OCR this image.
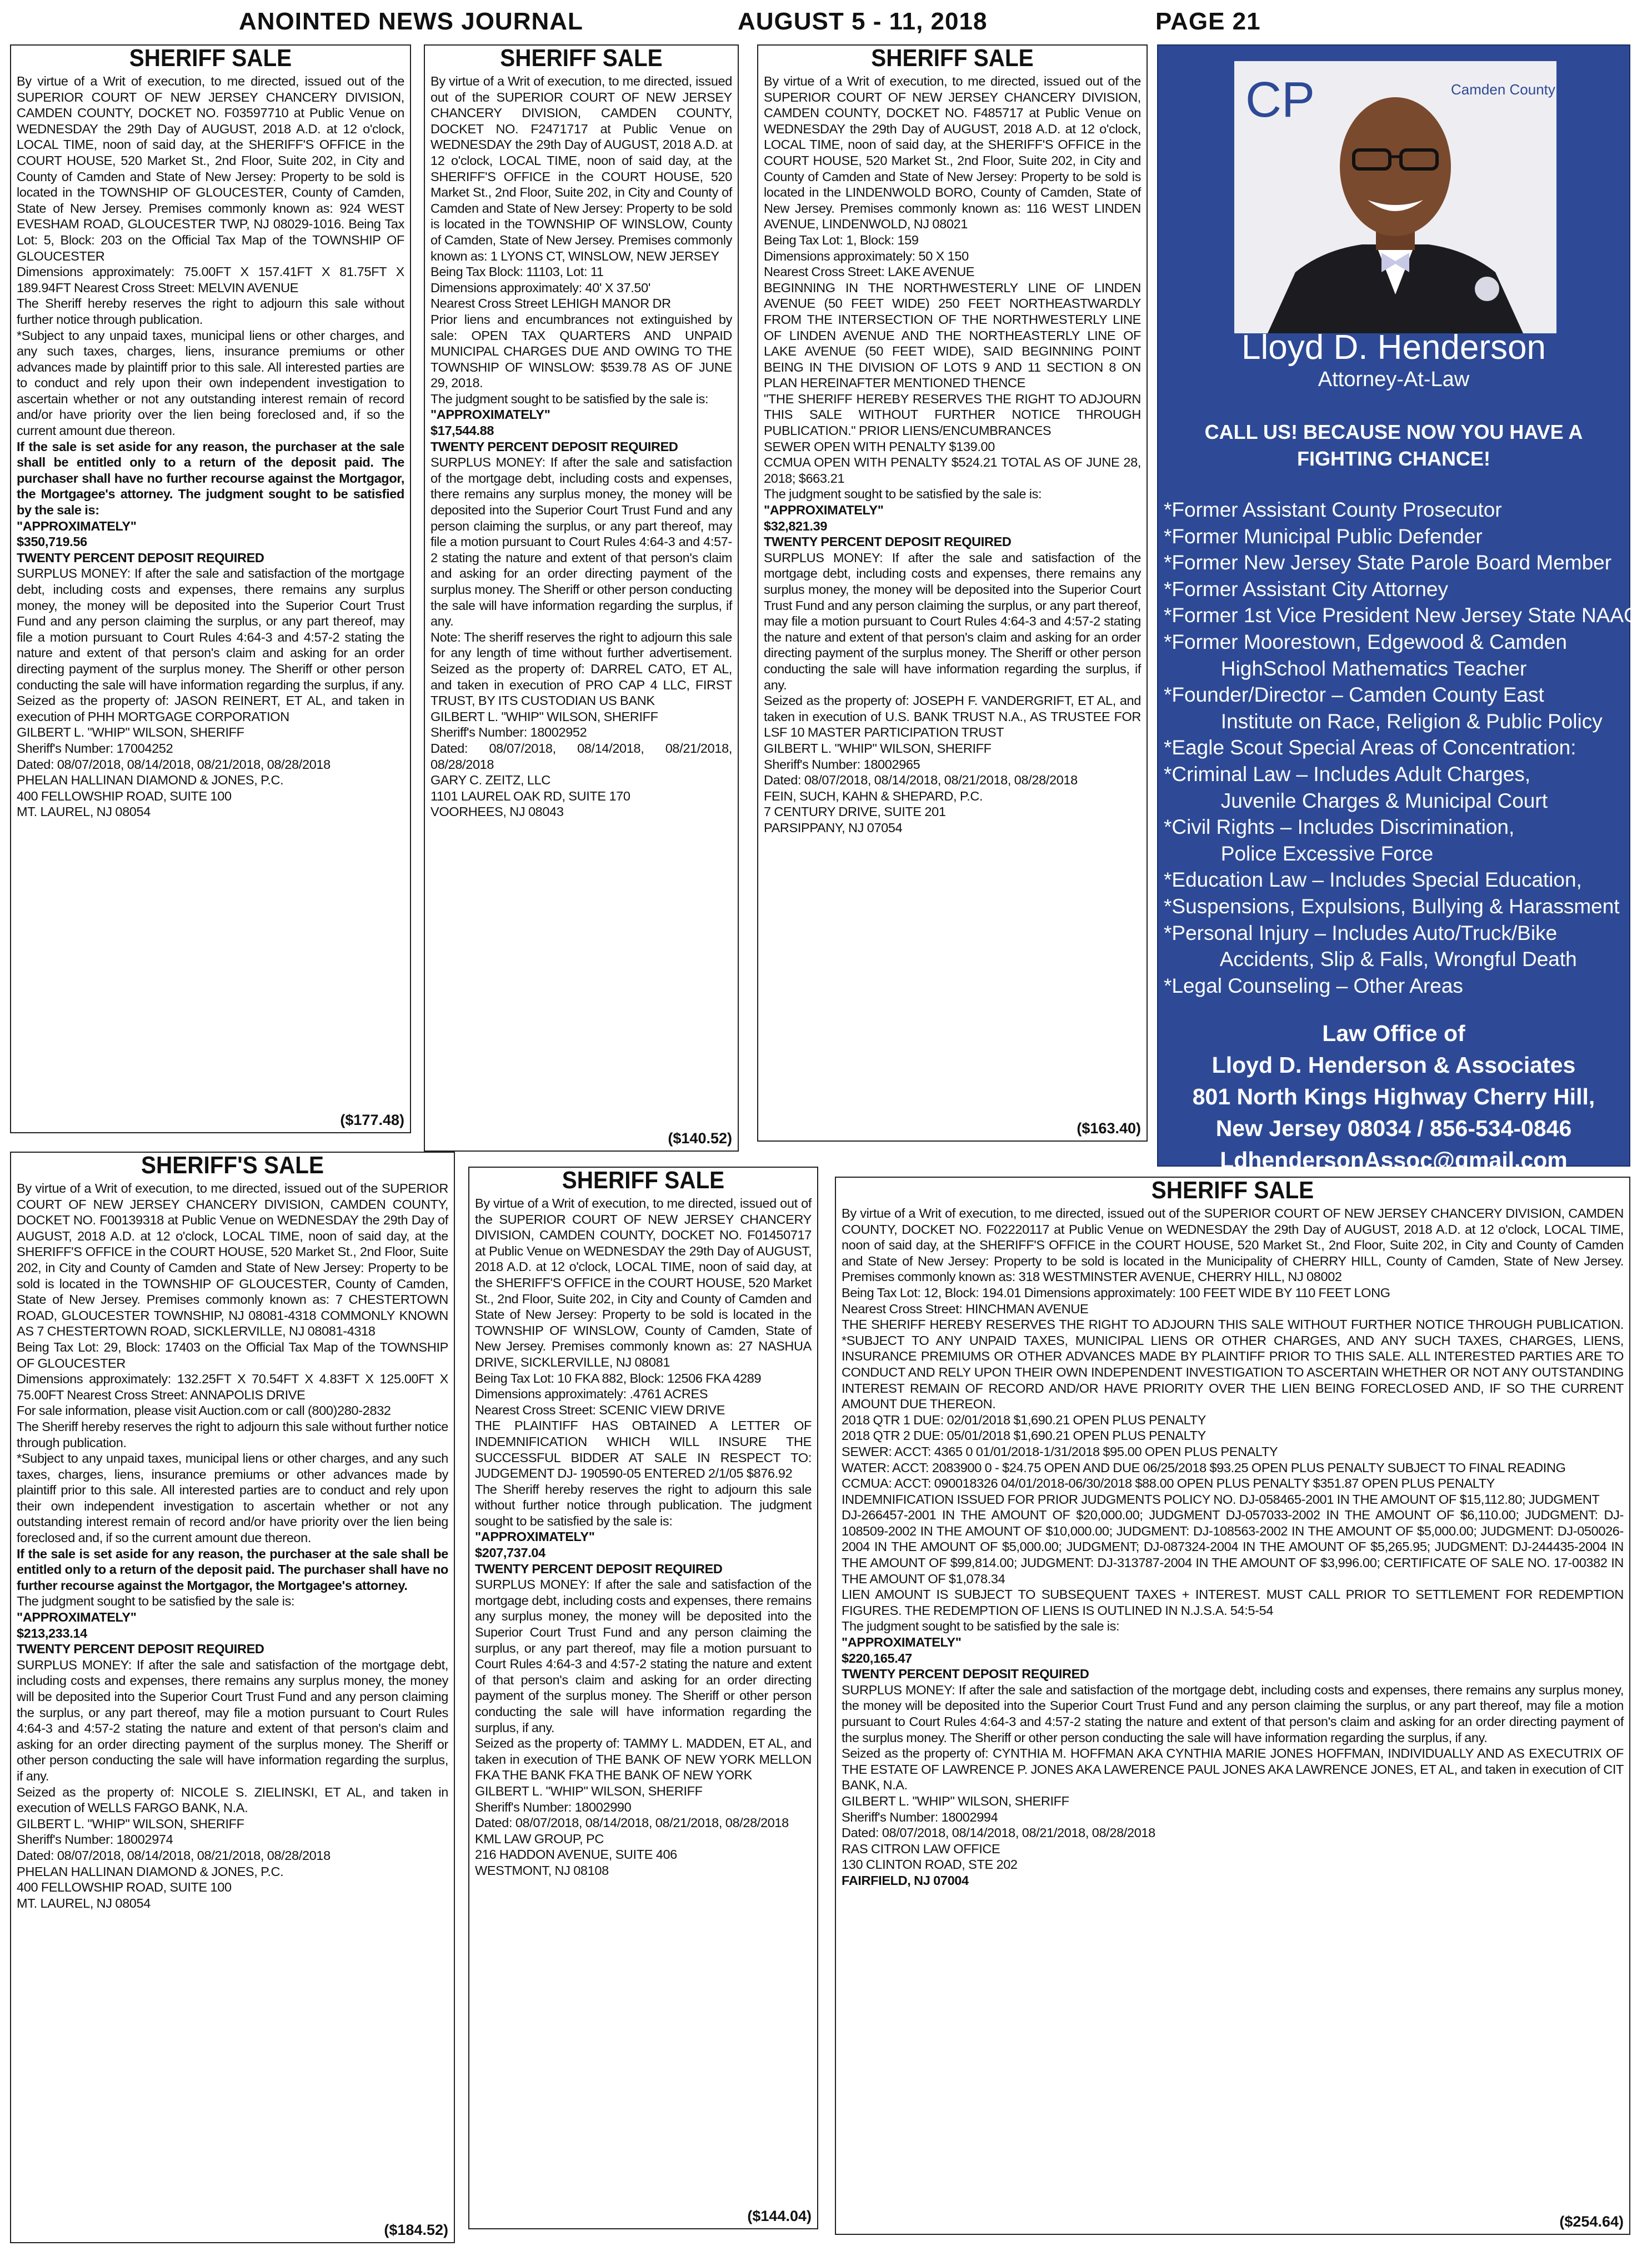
ANOINTED NEWS JOURNAL	AUGUST 5 - 11, 2018	PAGE 21
SHERIFF SALE

By virtue of a Writ of execution, to me directed, issued out of the SUPERIOR COURT OF NEW JERSEY CHANCERY DIVISION, CAMDEN COUNTY, DOCKET NO. F03597710 at Public Venue on WEDNESDAY the 29th Day of AUGUST, 2018 A.D. at 12 o'clock, LOCAL TIME, noon of said day, at the SHERIFF'S OFFICE in the COURT HOUSE, 520 Market St., 2nd Floor, Suite 202, in City and County of Camden and State of New Jersey: Property to be sold is located in the TOWNSHIP OF GLOUCESTER, County of Camden, State of New Jersey. Premises commonly known as: 924 WEST EVESHAM ROAD, GLOUCESTER TWP, NJ 08029-1016. Being Tax Lot: 5, Block: 203 on the Official Tax Map of the TOWNSHIP OF GLOUCESTER

Dimensions approximately: 75.00FT X 157.41FT X 81.75FT X 189.94FT Nearest Cross Street: MELVIN AVENUE

The Sheriff hereby reserves the right to adjourn this sale without further notice through publication.

*Subject to any unpaid taxes, municipal liens or other charges, and any such taxes, charges, liens, insurance premiums or other advances made by plaintiff prior to this sale. All interested parties are to conduct and rely upon their own independent investigation to ascertain whether or not any outstanding interest remain of record and/or have priority over the lien being foreclosed and, if so the current amount due thereon.

If the sale is set aside for any reason, the purchaser at the sale shall be entitled only to a return of the deposit paid. The purchaser shall have no further recourse against the Mortgagor, the Mortgagee's attorney. The judgment sought to be satisfied by the sale is:

"APPROXIMATELY"

$350,719.56

TWENTY PERCENT DEPOSIT REQUIRED

SURPLUS MONEY: If after the sale and satisfaction of the mortgage debt, including costs and expenses, there remains any surplus money, the money will be deposited into the Superior Court Trust Fund and any person claiming the surplus, or any part thereof, may file a motion pursuant to Court Rules 4:64-3 and 4:57-2 stating the nature and extent of that person's claim and asking for an order directing payment of the surplus money. The Sheriff or other person conducting the sale will have information regarding the surplus, if any. Seized as the property of: JASON REINERT, ET AL, and taken in execution of PHH MORTGAGE CORPORATION

GILBERT L. "WHIP" WILSON, SHERIFF

Sheriff's Number: 17004252

Dated: 08/07/2018, 08/14/2018, 08/21/2018, 08/28/2018

PHELAN HALLINAN DIAMOND & JONES, P.C.

400 FELLOWSHIP ROAD, SUITE 100

MT. LAUREL, NJ 08054

($177.48)
SHERIFF SALE

By virtue of a Writ of execution, to me directed, issued out of the SUPERIOR COURT OF NEW JERSEY CHANCERY DIVISION, CAMDEN COUNTY, DOCKET NO. F2471717 at Public Venue on WEDNESDAY the 29th Day of AUGUST, 2018 A.D. at 12 o'clock, LOCAL TIME, noon of said day, at the SHERIFF'S OFFICE in the COURT HOUSE, 520 Market St., 2nd Floor, Suite 202, in City and County of Camden and State of New Jersey: Property to be sold is located in the TOWNSHIP OF WINSLOW, County of Camden, State of New Jersey. Premises commonly known as: 1 LYONS CT, WINSLOW, NEW JERSEY

Being Tax Block: 11103, Lot: 11

Dimensions approximately: 40' X 37.50'

Nearest Cross Street LEHIGH MANOR DR

Prior liens and encumbrances not extinguished by sale: OPEN TAX QUARTERS AND UNPAID MUNICIPAL CHARGES DUE AND OWING TO THE TOWNSHIP OF WINSLOW: $539.78 AS OF JUNE 29, 2018.

The judgment sought to be satisfied by the sale is:

"APPROXIMATELY"

$17,544.88

TWENTY PERCENT DEPOSIT REQUIRED

SURPLUS MONEY: If after the sale and satisfaction of the mortgage debt, including costs and expenses, there remains any surplus money, the money will be deposited into the Superior Court Trust Fund and any person claiming the surplus, or any part thereof, may file a motion pursuant to Court Rules 4:64-3 and 4:57-2 stating the nature and extent of that person's claim and asking for an order directing payment of the surplus money. The Sheriff or other person conducting the sale will have information regarding the surplus, if any.

Note: The sheriff reserves the right to adjourn this sale for any length of time without further advertisement. Seized as the property of: DARREL CATO, ET AL, and taken in execution of PRO CAP 4 LLC, FIRST TRUST, BY ITS CUSTODIAN US BANK

GILBERT L. "WHIP" WILSON, SHERIFF

Sheriff's Number: 18002952

Dated: 08/07/2018, 08/14/2018, 08/21/2018, 08/28/2018

GARY C. ZEITZ, LLC

1101 LAUREL OAK RD, SUITE 170

VOORHEES, NJ 08043

($140.52)
SHERIFF SALE

By virtue of a Writ of execution, to me directed, issued out of the SUPERIOR COURT OF NEW JERSEY CHANCERY DIVISION, CAMDEN COUNTY, DOCKET NO. F485717 at Public Venue on WEDNESDAY the 29th Day of AUGUST, 2018 A.D. at 12 o'clock, LOCAL TIME, noon of said day, at the SHERIFF'S OFFICE in the COURT HOUSE, 520 Market St., 2nd Floor, Suite 202, in City and County of Camden and State of New Jersey: Property to be sold is located in the LINDENWOLD BORO, County of Camden, State of New Jersey. Premises commonly known as: 116 WEST LINDEN AVENUE, LINDENWOLD, NJ 08021

Being Tax Lot: 1, Block: 159

Dimensions approximately: 50 X 150

Nearest Cross Street: LAKE AVENUE

BEGINNING IN THE NORTHWESTERLY LINE OF LINDEN AVENUE (50 FEET WIDE) 250 FEET NORTHEASTWARDLY FROM THE INTERSECTION OF THE NORTHWESTERLY LINE OF LINDEN AVENUE AND THE NORTHEASTERLY LINE OF LAKE AVENUE (50 FEET WIDE), SAID BEGINNING POINT BEING IN THE DIVISION OF LOTS 9 AND 11 SECTION 8 ON PLAN HEREINAFTER MENTIONED THENCE

"THE SHERIFF HEREBY RESERVES THE RIGHT TO ADJOURN THIS SALE WITHOUT FURTHER NOTICE THROUGH PUBLICATION." PRIOR LIENS/ENCUMBRANCES

SEWER OPEN WITH PENALTY $139.00

CCMUA OPEN WITH PENALTY $524.21 TOTAL AS OF JUNE 28, 2018; $663.21

The judgment sought to be satisfied by the sale is:

"APPROXIMATELY"

$32,821.39

TWENTY PERCENT DEPOSIT REQUIRED

SURPLUS MONEY: If after the sale and satisfaction of the mortgage debt, including costs and expenses, there remains any surplus money, the money will be deposited into the Superior Court Trust Fund and any person claiming the surplus, or any part thereof, may file a motion pursuant to Court Rules 4:64-3 and 4:57-2 stating the nature and extent of that person's claim and asking for an order directing payment of the surplus money. The Sheriff or other person conducting the sale will have information regarding the surplus, if any.

Seized as the property of: JOSEPH F. VANDERGRIFT, ET AL, and taken in execution of U.S. BANK TRUST N.A., AS TRUSTEE FOR LSF 10 MASTER PARTICIPATION TRUST

GILBERT L. "WHIP" WILSON, SHERIFF

Sheriff's Number: 18002965

Dated: 08/07/2018, 08/14/2018, 08/21/2018, 08/28/2018

FEIN, SUCH, KAHN & SHEPARD, P.C.

7 CENTURY DRIVE, SUITE 201

PARSIPPANY, NJ 07054

($163.40)
CP	Camden County NAACP
Lloyd D. Henderson
Attorney-At-Law
CALL US! BECAUSE NOW YOU HAVE A FIGHTING CHANCE!
*Former Assistant County Prosecutor
*Former Municipal Public Defender
*Former New Jersey State Parole Board Member
*Former Assistant City Attorney
*Former 1st Vice President New Jersey State NAACP
*Former Moorestown, Edgewood & Camden
HighSchool Mathematics Teacher
*Founder/Director – Camden County East
Institute on Race, Religion & Public Policy
*Eagle Scout Special Areas of Concentration:
*Criminal Law – Includes Adult Charges,
Juvenile Charges & Municipal Court
*Civil Rights – Includes Discrimination,
Police Excessive Force
*Education Law – Includes Special Education,
*Suspensions, Expulsions, Bullying & Harassment
*Personal Injury – Includes Auto/Truck/Bike
Accidents, Slip & Falls, Wrongful Death
*Legal Counseling – Other Areas
Law Office of
Lloyd D. Henderson & Associates
801 North Kings Highway Cherry Hill,
New Jersey 08034 / 856-534-0846
LdhendersonAssoc@gmail.com
SHERIFF'S SALE

By virtue of a Writ of execution, to me directed, issued out of the SUPERIOR COURT OF NEW JERSEY CHANCERY DIVISION, CAMDEN COUNTY, DOCKET NO. F00139318 at Public Venue on WEDNESDAY the 29th Day of AUGUST, 2018 A.D. at 12 o'clock, LOCAL TIME, noon of said day, at the SHERIFF'S OFFICE in the COURT HOUSE, 520 Market St., 2nd Floor, Suite 202, in City and County of Camden and State of New Jersey: Property to be sold is located in the TOWNSHIP OF GLOUCESTER, County of Camden, State of New Jersey. Premises commonly known as: 7 CHESTERTOWN ROAD, GLOUCESTER TOWNSHIP, NJ 08081-4318 COMMONLY KNOWN AS 7 CHESTERTOWN ROAD, SICKLERVILLE, NJ 08081-4318

Being Tax Lot: 29, Block: 17403 on the Official Tax Map of the TOWNSHIP OF GLOUCESTER

Dimensions approximately: 132.25FT X 70.54FT X 4.83FT X 125.00FT X 75.00FT Nearest Cross Street: ANNAPOLIS DRIVE

For sale information, please visit Auction.com or call (800)280-2832

The Sheriff hereby reserves the right to adjourn this sale without further notice through publication.

*Subject to any unpaid taxes, municipal liens or other charges, and any such taxes, charges, liens, insurance premiums or other advances made by plaintiff prior to this sale. All interested parties are to conduct and rely upon their own independent investigation to ascertain whether or not any outstanding interest remain of record and/or have priority over the lien being foreclosed and, if so the current amount due thereon.

If the sale is set aside for any reason, the purchaser at the sale shall be entitled only to a return of the deposit paid. The purchaser shall have no further recourse against the Mortgagor, the Mortgagee's attorney.

The judgment sought to be satisfied by the sale is:

"APPROXIMATELY"

$213,233.14

TWENTY PERCENT DEPOSIT REQUIRED

SURPLUS MONEY: If after the sale and satisfaction of the mortgage debt, including costs and expenses, there remains any surplus money, the money will be deposited into the Superior Court Trust Fund and any person claiming the surplus, or any part thereof, may file a motion pursuant to Court Rules 4:64-3 and 4:57-2 stating the nature and extent of that person's claim and asking for an order directing payment of the surplus money. The Sheriff or other person conducting the sale will have information regarding the surplus, if any.

Seized as the property of: NICOLE S. ZIELINSKI, ET AL, and taken in execution of WELLS FARGO BANK, N.A.

GILBERT L. "WHIP" WILSON, SHERIFF

Sheriff's Number: 18002974

Dated: 08/07/2018, 08/14/2018, 08/21/2018, 08/28/2018

PHELAN HALLINAN DIAMOND & JONES, P.C.

400 FELLOWSHIP ROAD, SUITE 100

MT. LAUREL, NJ 08054

($184.52)
SHERIFF SALE

By virtue of a Writ of execution, to me directed, issued out of the SUPERIOR COURT OF NEW JERSEY CHANCERY DIVISION, CAMDEN COUNTY, DOCKET NO. F01450717 at Public Venue on WEDNESDAY the 29th Day of AUGUST, 2018 A.D. at 12 o'clock, LOCAL TIME, noon of said day, at the SHERIFF'S OFFICE in the COURT HOUSE, 520 Market St., 2nd Floor, Suite 202, in City and County of Camden and State of New Jersey: Property to be sold is located in the TOWNSHIP OF WINSLOW, County of Camden, State of New Jersey. Premises commonly known as: 27 NASHUA DRIVE, SICKLERVILLE, NJ 08081

Being Tax Lot: 10 FKA 882, Block: 12506 FKA 4289

Dimensions approximately: .4761 ACRES

Nearest Cross Street: SCENIC VIEW DRIVE

THE PLAINTIFF HAS OBTAINED A LETTER OF INDEMNIFICATION WHICH WILL INSURE THE SUCCESSFUL BIDDER AT SALE IN RESPECT TO: JUDGEMENT DJ- 190590-05 ENTERED 2/1/05 $876.92

The Sheriff hereby reserves the right to adjourn this sale without further notice through publication. The judgment sought to be satisfied by the sale is:

"APPROXIMATELY"

$207,737.04

TWENTY PERCENT DEPOSIT REQUIRED

SURPLUS MONEY: If after the sale and satisfaction of the mortgage debt, including costs and expenses, there remains any surplus money, the money will be deposited into the Superior Court Trust Fund and any person claiming the surplus, or any part thereof, may file a motion pursuant to Court Rules 4:64-3 and 4:57-2 stating the nature and extent of that person's claim and asking for an order directing payment of the surplus money. The Sheriff or other person conducting the sale will have information regarding the surplus, if any.

Seized as the property of: TAMMY L. MADDEN, ET AL, and taken in execution of THE BANK OF NEW YORK MELLON FKA THE BANK FKA THE BANK OF NEW YORK

GILBERT L. "WHIP" WILSON, SHERIFF

Sheriff's Number: 18002990

Dated: 08/07/2018, 08/14/2018, 08/21/2018, 08/28/2018

KML LAW GROUP, PC

216 HADDON AVENUE, SUITE 406

WESTMONT, NJ 08108

($144.04)
SHERIFF SALE

By virtue of a Writ of execution, to me directed, issued out of the SUPERIOR COURT OF NEW JERSEY CHANCERY DIVISION, CAMDEN COUNTY, DOCKET NO. F02220117 at Public Venue on WEDNESDAY the 29th Day of AUGUST, 2018 A.D. at 12 o'clock, LOCAL TIME, noon of said day, at the SHERIFF'S OFFICE in the COURT HOUSE, 520 Market St., 2nd Floor, Suite 202, in City and County of Camden and State of New Jersey: Property to be sold is located in the Municipality of CHERRY HILL, County of Camden, State of New Jersey. Premises commonly known as: 318 WESTMINSTER AVENUE, CHERRY HILL, NJ 08002

Being Tax Lot: 12, Block: 194.01 Dimensions approximately: 100 FEET WIDE BY 110 FEET LONG

Nearest Cross Street: HINCHMAN AVENUE

THE SHERIFF HEREBY RESERVES THE RIGHT TO ADJOURN THIS SALE WITHOUT FURTHER NOTICE THROUGH PUBLICATION. *SUBJECT TO ANY UNPAID TAXES, MUNICIPAL LIENS OR OTHER CHARGES, AND ANY SUCH TAXES, CHARGES, LIENS, INSURANCE PREMIUMS OR OTHER ADVANCES MADE BY PLAINTIFF PRIOR TO THIS SALE. ALL INTERESTED PARTIES ARE TO CONDUCT AND RELY UPON THEIR OWN INDEPENDENT INVESTIGATION TO ASCERTAIN WHETHER OR NOT ANY OUTSTANDING INTEREST REMAIN OF RECORD AND/OR HAVE PRIORITY OVER THE LIEN BEING FORECLOSED AND, IF SO THE CURRENT AMOUNT DUE THEREON.

2018 QTR 1 DUE: 02/01/2018 $1,690.21 OPEN PLUS PENALTY

2018 QTR 2 DUE: 05/01/2018 $1,690.21 OPEN PLUS PENALTY

SEWER: ACCT: 4365 0 01/01/2018-1/31/2018 $95.00 OPEN PLUS PENALTY

WATER: ACCT: 2083900 0 - $24.75 OPEN AND DUE 06/25/2018 $93.25 OPEN PLUS PENALTY SUBJECT TO FINAL READING

CCMUA: ACCT: 090018326 04/01/2018-06/30/2018 $88.00 OPEN PLUS PENALTY $351.87 OPEN PLUS PENALTY

INDEMNIFICATION ISSUED FOR PRIOR JUDGMENTS POLICY NO. DJ-058465-2001 IN THE AMOUNT OF $15,112.80; JUDGMENT

DJ-266457-2001 IN THE AMOUNT OF $20,000.00; JUDGMENT DJ-057033-2002 IN THE AMOUNT OF $6,110.00; JUDGMENT: DJ-108509-2002 IN THE AMOUNT OF $10,000.00; JUDGMENT: DJ-108563-2002 IN THE AMOUNT OF $5,000.00; JUDGMENT: DJ-050026-2004 IN THE AMOUNT OF $5,000.00; JUDGMENT; DJ-087324-2004 IN THE AMOUNT OF $5,265.95; JUDGMENT: DJ-244435-2004 IN THE AMOUNT OF $99,814.00; JUDGMENT: DJ-313787-2004 IN THE AMOUNT OF $3,996.00; CERTIFICATE OF SALE NO. 17-00382 IN THE AMOUNT OF $1,078.34

LIEN AMOUNT IS SUBJECT TO SUBSEQUENT TAXES + INTEREST. MUST CALL PRIOR TO SETTLEMENT FOR REDEMPTION FIGURES. THE REDEMPTION OF LIENS IS OUTLINED IN N.J.S.A. 54:5-54

The judgment sought to be satisfied by the sale is:

"APPROXIMATELY"

$220,165.47

TWENTY PERCENT DEPOSIT REQUIRED

SURPLUS MONEY: If after the sale and satisfaction of the mortgage debt, including costs and expenses, there remains any surplus money, the money will be deposited into the Superior Court Trust Fund and any person claiming the surplus, or any part thereof, may file a motion pursuant to Court Rules 4:64-3 and 4:57-2 stating the nature and extent of that person's claim and asking for an order directing payment of the surplus money. The Sheriff or other person conducting the sale will have information regarding the surplus, if any.

Seized as the property of: CYNTHIA M. HOFFMAN AKA CYNTHIA MARIE JONES HOFFMAN, INDIVIDUALLY AND AS EXECUTRIX OF THE ESTATE OF LAWRENCE P. JONES AKA LAWERENCE PAUL JONES AKA LAWRENCE JONES, ET AL, and taken in execution of CIT BANK, N.A.

GILBERT L. "WHIP" WILSON, SHERIFF

Sheriff's Number: 18002994

Dated: 08/07/2018, 08/14/2018, 08/21/2018, 08/28/2018

RAS CITRON LAW OFFICE

130 CLINTON ROAD, STE 202

FAIRFIELD, NJ 07004

($254.64)
